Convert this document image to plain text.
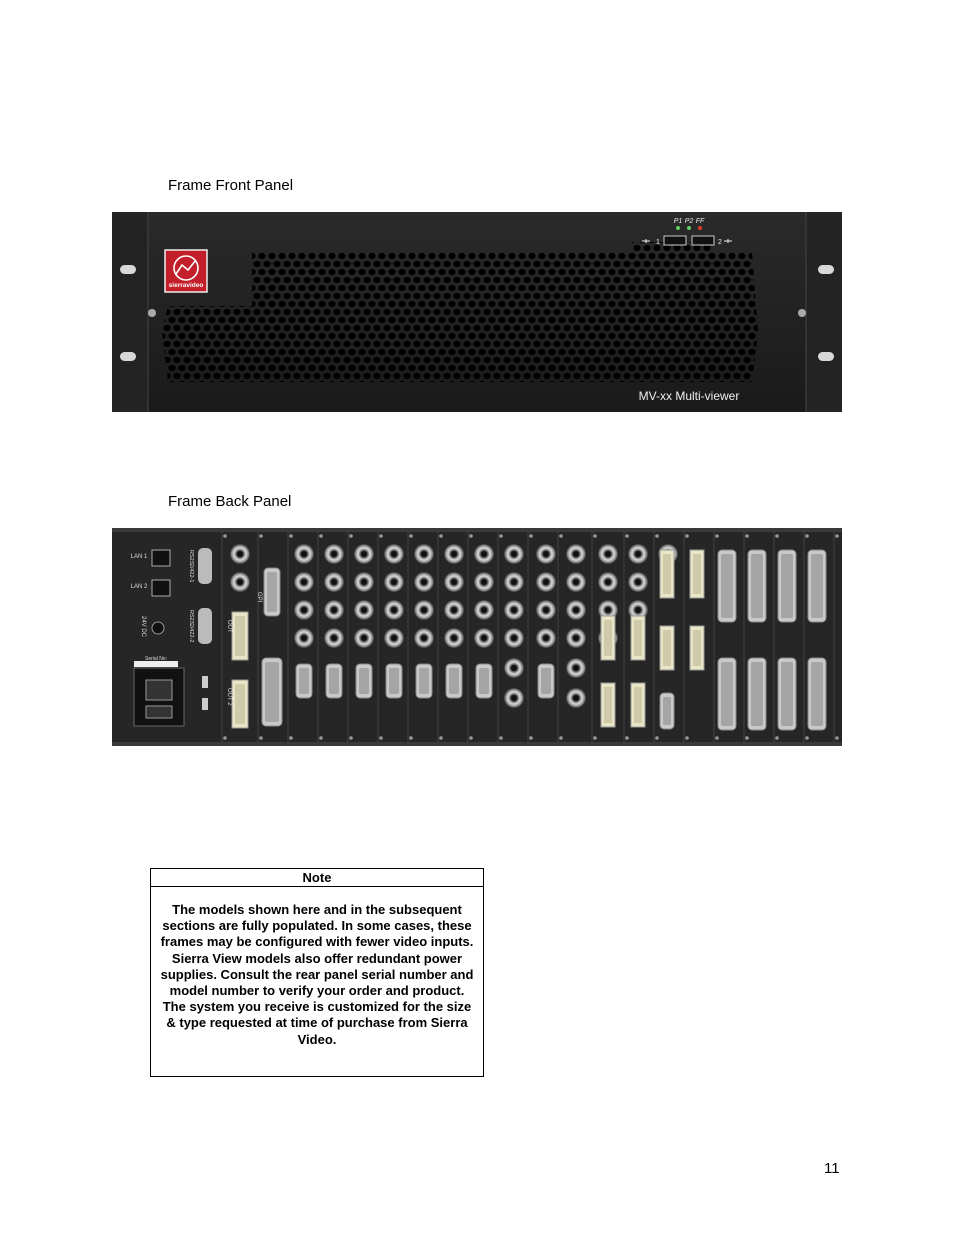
Frame Front Panel
sierravideo
P1 P2 FF
1	2
MV-xx Multi-viewer
Frame Back Panel
LAN 1
LAN 2
RS232/422-1
RS232/422-2
24V DC
Serial No:
OUT
OUT 2
GPI
Note
The models shown here and in the subsequent sections are fully populated. In some cases, these frames may be configured with fewer video inputs. Sierra View models also offer redundant power supplies. Consult the rear panel serial number and model number to verify your order and product. The system you receive is customized for the size & type requested at time of purchase from Sierra Video.
11
